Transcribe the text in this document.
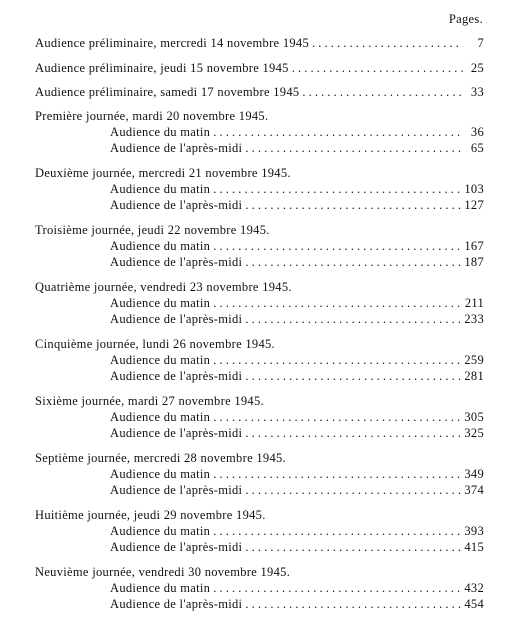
Pages.
Audience préliminaire, mercredi 14 novembre 1945 . . .	7
Audience préliminaire, jeudi 15 novembre 1945 . . .	25
Audience préliminaire, samedi 17 novembre 1945 . . .	33
Première journée, mardi 20 novembre 1945.
Audience du matin . . .	36
Audience de l'après-midi . . .	65
Deuxième journée, mercredi 21 novembre 1945.
Audience du matin . . .	103
Audience de l'après-midi . . .	127
Troisième journée, jeudi 22 novembre 1945.
Audience du matin . . .	167
Audience de l'après-midi . . .	187
Quatrième journée, vendredi 23 novembre 1945.
Audience du matin . . .	211
Audience de l'après-midi . . .	233
Cinquième journée, lundi 26 novembre 1945.
Audience du matin . . .	259
Audience de l'après-midi . . .	281
Sixième journée, mardi 27 novembre 1945.
Audience du matin . . .	305
Audience de l'après-midi . . .	325
Septième journée, mercredi 28 novembre 1945.
Audience du matin . . .	349
Audience de l'après-midi . . .	374
Huitième journée, jeudi 29 novembre 1945.
Audience du matin . . .	393
Audience de l'après-midi . . .	415
Neuvième journée, vendredi 30 novembre 1945.
Audience du matin . . .	432
Audience de l'après-midi . . .	454
